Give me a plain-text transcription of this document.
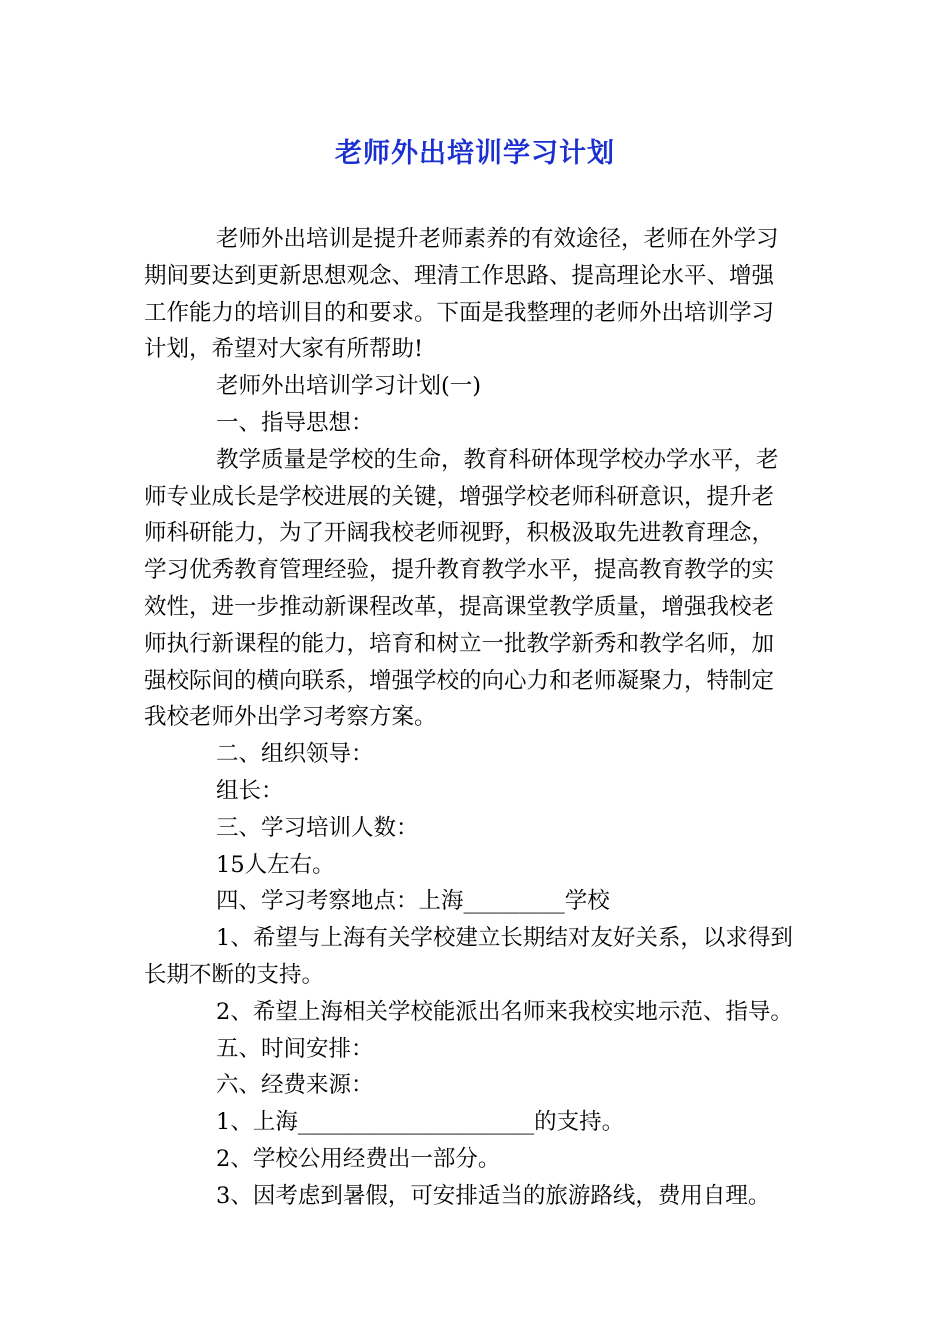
老师外出培训学习计划

老师外出培训是提升老师素养的有效途径，老师在外学习期间要达到更新思想观念、理清工作思路、提高理论水平、增强工作能力的培训目的和要求。下面是我整理的老师外出培训学习计划，希望对大家有所帮助!

老师外出培训学习计划(一)

一、指导思想：

教学质量是学校的生命，教育科研体现学校办学水平，老师专业成长是学校进展的关键，增强学校老师科研意识，提升老师科研能力，为了开阔我校老师视野，积极汲取先进教育理念，学习优秀教育管理经验，提升教育教学水平，提高教育教学的实效性，进一步推动新课程改革，提高课堂教学质量，增强我校老师执行新课程的能力，培育和树立一批教学新秀和教学名师，加强校际间的横向联系，增强学校的向心力和老师凝聚力，特制定我校老师外出学习考察方案。

二、组织领导：

组长：

三、学习培训人数：

15人左右。

四、学习考察地点：上海_________学校

1、希望与上海有关学校建立长期结对友好关系，以求得到长期不断的支持。

2、希望上海相关学校能派出名师来我校实地示范、指导。

五、时间安排：

六、经费来源：

1、上海_____________________的支持。

2、学校公用经费出一部分。

3、因考虑到暑假，可安排适当的旅游路线，费用自理。
